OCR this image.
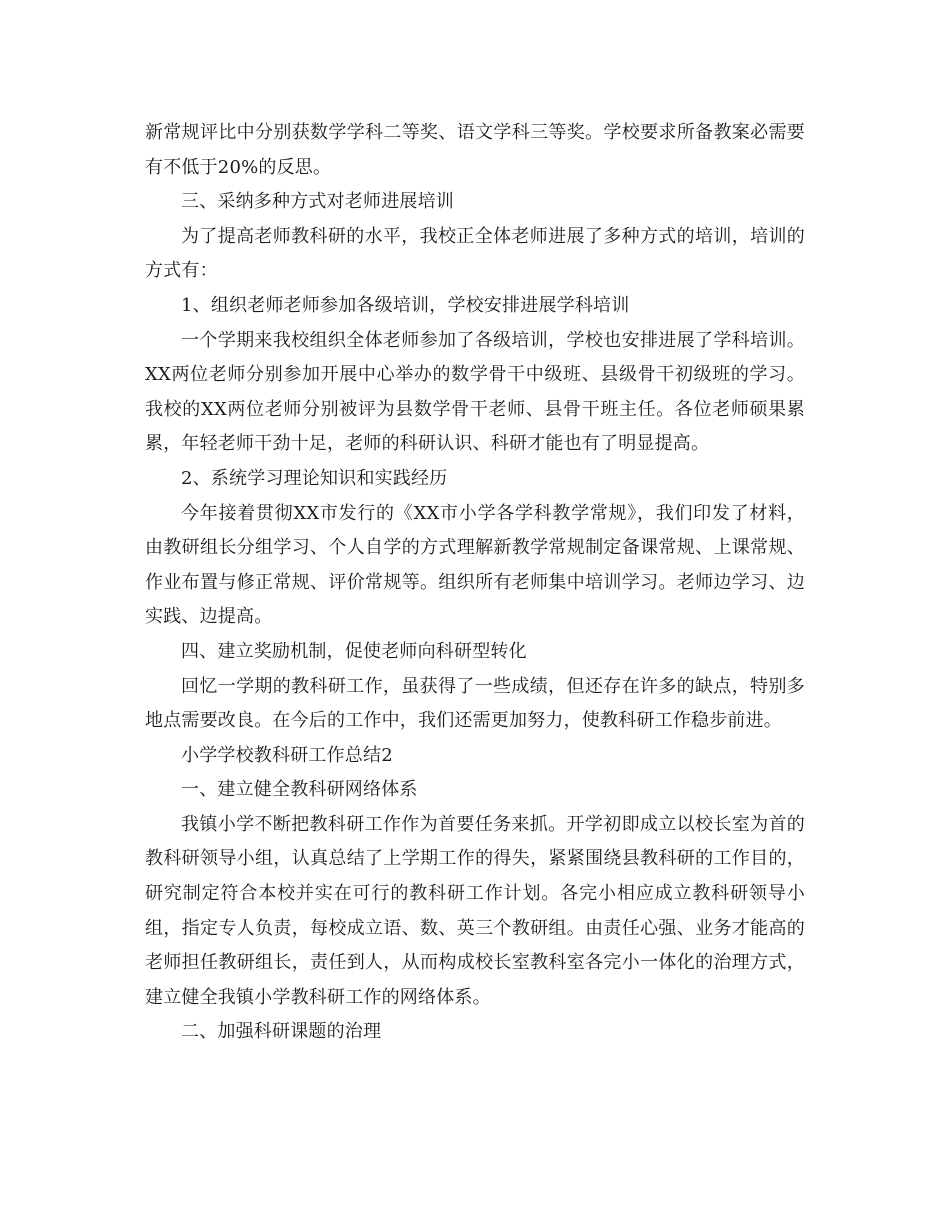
新常规评比中分别获数学学科二等奖、语文学科三等奖。学校要求所备教案必需要有不低于20%的反思。

三、采纳多种方式对老师进展培训

为了提高老师教科研的水平，我校正全体老师进展了多种方式的培训，培训的方式有：

1、组织老师老师参加各级培训，学校安排进展学科培训

一个学期来我校组织全体老师参加了各级培训，学校也安排进展了学科培训。XX两位老师分别参加开展中心举办的数学骨干中级班、县级骨干初级班的学习。我校的XX两位老师分别被评为县数学骨干老师、县骨干班主任。各位老师硕果累累，年轻老师干劲十足，老师的科研认识、科研才能也有了明显提高。

2、系统学习理论知识和实践经历

今年接着贯彻XX市发行的《XX市小学各学科教学常规》，我们印发了材料，由教研组长分组学习、个人自学的方式理解新教学常规制定备课常规、上课常规、作业布置与修正常规、评价常规等。组织所有老师集中培训学习。老师边学习、边实践、边提高。

四、建立奖励机制，促使老师向科研型转化

回忆一学期的教科研工作，虽获得了一些成绩，但还存在许多的缺点，特别多地点需要改良。在今后的工作中，我们还需更加努力，使教科研工作稳步前进。

小学学校教科研工作总结2

一、建立健全教科研网络体系

我镇小学不断把教科研工作作为首要任务来抓。开学初即成立以校长室为首的教科研领导小组，认真总结了上学期工作的得失，紧紧围绕县教科研的工作目的，研究制定符合本校并实在可行的教科研工作计划。各完小相应成立教科研领导小组，指定专人负责，每校成立语、数、英三个教研组。由责任心强、业务才能高的老师担任教研组长，责任到人，从而构成校长室教科室各完小一体化的治理方式，建立健全我镇小学教科研工作的网络体系。

二、加强科研课题的治理
